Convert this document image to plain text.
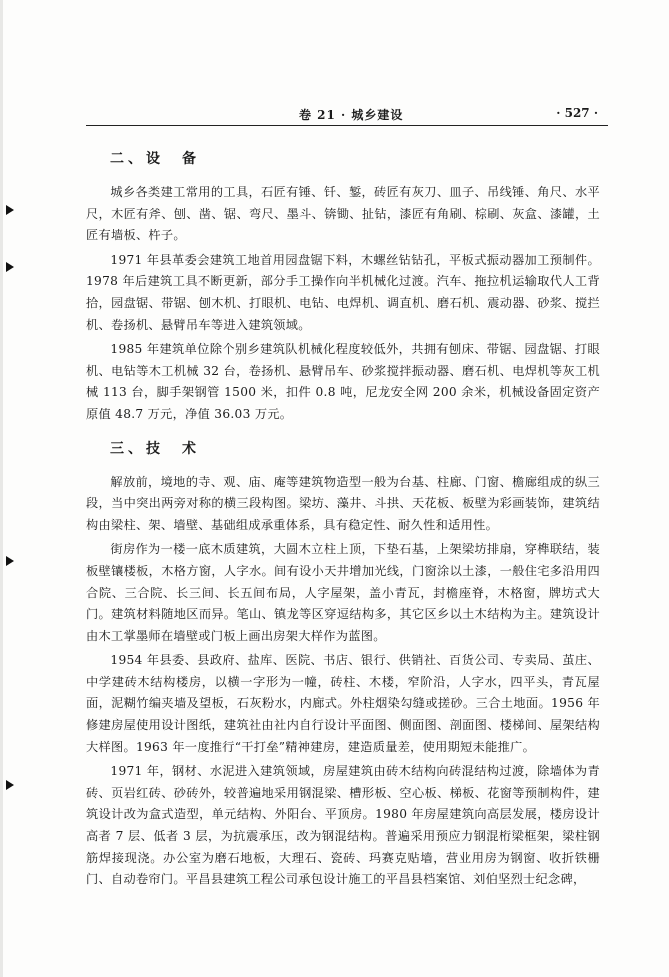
卷 21 · 城乡建设	· 527 ·
二、设　备

城乡各类建工常用的工具，石匠有锤、钎、錾，砖匠有灰刀、皿子、吊线锤、角尺、水平尺，木匠有斧、刨、凿、锯、弯尺、墨斗、锛锄、扯钻，漆匠有角刷、棕刷、灰盒、漆罐，土匠有墙板、杵子。

1971 年县革委会建筑工地首用园盘锯下料，木螺丝钻钻孔，平板式振动器加工预制件。1978 年后建筑工具不断更新，部分手工操作向半机械化过渡。汽车、拖拉机运输取代人工背拾，园盘锯、带锯、刨木机、打眼机、电钻、电焊机、调直机、磨石机、震动器、砂浆、搅拦机、卷扬机、悬臂吊车等进入建筑领域。

1985 年建筑单位除个别乡建筑队机械化程度较低外，共拥有刨床、带锯、园盘锯、打眼机、电钻等木工机械 32 台，卷扬机、悬臂吊车、砂浆搅拌振动器、磨石机、电焊机等灰工机械 113 台，脚手架钢管 1500 米，扣件 0.8 吨，尼龙安全网 200 余米，机械设备固定资产原值 48.7 万元，净值 36.03 万元。

三、技　术

解放前，境地的寺、观、庙、庵等建筑物造型一般为台基、柱廊、门窗、檐廊组成的纵三段，当中突出两旁对称的横三段构图。梁坊、藻井、斗拱、天花板、板壁为彩画装饰，建筑结构由梁柱、架、墙壁、基础组成承重体系，具有稳定性、耐久性和适用性。

街房作为一楼一底木质建筑，大圆木立柱上顶，下垫石基，上架梁坊排扇，穿榫联结，装板壁镶楼板，木格方窗，人字水。间有设小天井增加光线，门窗涂以土漆，一般住宅多沿用四合院、三合院、长三间、长五间布局，人字屋架，盖小青瓦，封檐座脊，木格窗，牌坊式大门。建筑材料随地区而异。笔山、镇龙等区穿逗结构多，其它区乡以土木结构为主。建筑设计由木工掌墨师在墙壁或门板上画出房架大样作为蓝图。

1954 年县委、县政府、盐库、医院、书店、银行、供销社、百货公司、专卖局、茧庄、中学建砖木结构楼房，以横一字形为一幢，砖柱、木楼，窄阶沿，人字水，四平头，青瓦屋面，泥糊竹编夹墙及望板，石灰粉水，内廊式。外柱烟染勾缝或搓砂。三合土地面。1956 年修建房屋使用设计图纸，建筑社由社内自行设计平面图、侧面图、剖面图、楼梯间、屋架结构大样图。1963 年一度推行“干打垒”精神建房，建造质量差，使用期短未能推广。

1971 年，钢材、水泥进入建筑领域，房屋建筑由砖木结构向砖混结构过渡，除墙体为青砖、页岩红砖、砂砖外，较普遍地采用钢混梁、槽形板、空心板、梯板、花窗等预制构件，建筑设计改为盒式造型，单元结构、外阳台、平顶房。1980 年房屋建筑向高层发展，楼房设计高者 7 层、低者 3 层，为抗震承压，改为钢混结构。普遍采用预应力钢混桁梁框架，梁柱钢筋焊接现浇。办公室为磨石地板，大理石、瓷砖、玛赛克贴墙，营业用房为钢窗、收折铁栅门、自动卷帘门。平昌县建筑工程公司承包设计施工的平昌县档案馆、刘伯坚烈士纪念碑，
